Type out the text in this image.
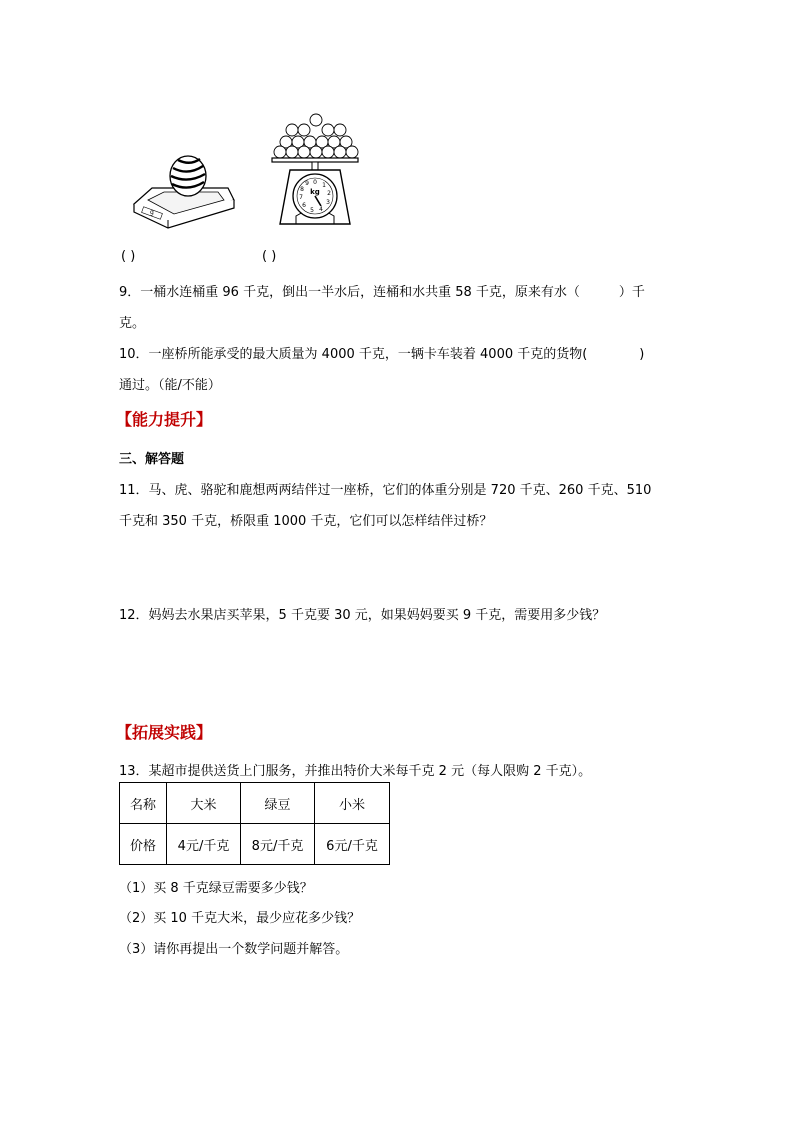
g
0 1
2
3
4
5
6
7
8
9
kg
( )	( )
9．一桶水连桶重 96 千克，倒出一半水后，连桶和水共重 58 千克，原来有水（　　　）千
克。
10．一座桥所能承受的最大质量为 4000 千克，一辆卡车装着 4000 千克的货物(　　　　)
通过。（能/不能）
【能力提升】
三、解答题
11．马、虎、骆驼和鹿想两两结伴过一座桥，它们的体重分别是 720 千克、260 千克、510
千克和 350 千克，桥限重 1000 千克，它们可以怎样结伴过桥？
12．妈妈去水果店买苹果，5 千克要 30 元，如果妈妈要买 9 千克，需要用多少钱？
【拓展实践】
13．某超市提供送货上门服务，并推出特价大米每千克 2 元（每人限购 2 千克）。
名称	大米	绿豆	小米
价格	4元/千克	8元/千克	6元/千克
（1）买 8 千克绿豆需要多少钱？
（2）买 10 千克大米，最少应花多少钱？
（3）请你再提出一个数学问题并解答。
